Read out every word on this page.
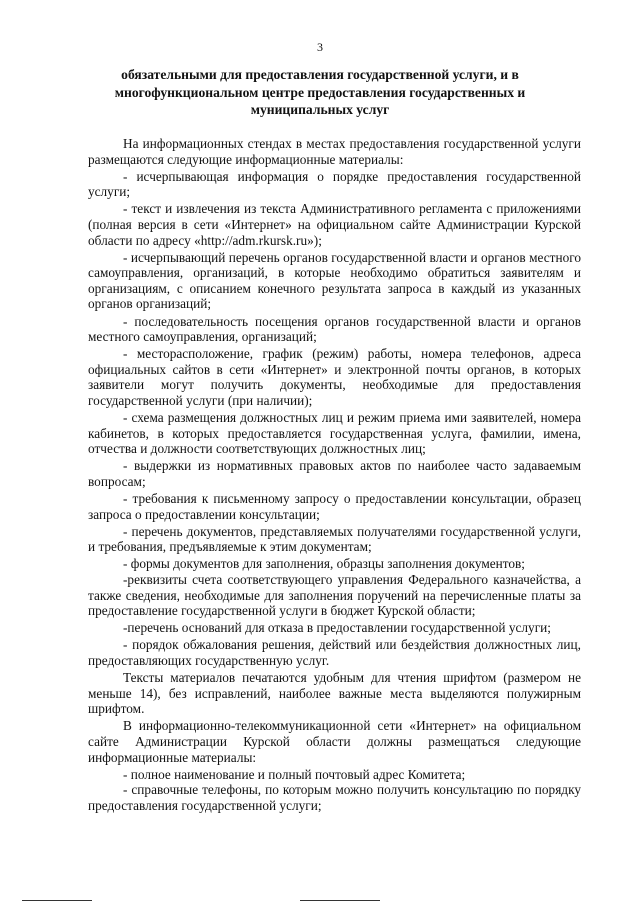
3
обязательными для предоставления государственной услуги, и в многофункциональном центре предоставления государственных и муниципальных услуг

На информационных стендах в местах предоставления государственной услуги размещаются следующие информационные материалы:

- исчерпывающая информация о порядке предоставления государственной услуги;

- текст и извлечения из текста Административного регламента с приложениями (полная версия в сети «Интернет» на официальном сайте Администрации Курской области по адресу «http://adm.rkursk.ru»);

- исчерпывающий перечень органов государственной власти и органов местного самоуправления, организаций, в которые необходимо обратиться заявителям и организациям, с описанием конечного результата запроса в каждый из указанных органов организаций;

- последовательность посещения органов государственной власти и органов местного самоуправления, организаций;

- месторасположение, график (режим) работы, номера телефонов, адреса официальных сайтов в сети «Интернет» и электронной почты органов, в которых заявители могут получить документы, необходимые для предоставления государственной услуги (при наличии);

- схема размещения должностных лиц и режим приема ими заявителей, номера кабинетов, в которых предоставляется государственная услуга, фамилии, имена, отчества и должности соответствующих должностных лиц;

- выдержки из нормативных правовых актов по наиболее часто задаваемым вопросам;

- требования к письменному запросу о предоставлении консультации, образец запроса о предоставлении консультации;

- перечень документов, представляемых получателями государственной услуги, и требования, предъявляемые к этим документам;

- формы документов для заполнения, образцы заполнения документов;

-реквизиты счета соответствующего управления Федерального казначейства, а также сведения, необходимые для заполнения поручений на перечисленные платы за предоставление государственной услуги в бюджет Курской области;

-перечень оснований для отказа в предоставлении государственной услуги;

- порядок обжалования решения, действий или бездействия должностных лиц, предоставляющих государственную услуг.

Тексты материалов печатаются удобным для чтения шрифтом (размером не меньше 14), без исправлений, наиболее важные места выделяются полужирным шрифтом.

В информационно-телекоммуникационной сети «Интернет» на официальном сайте Администрации Курской области должны размещаться следующие информационные материалы:

- полное наименование и полный почтовый адрес Комитета;

- справочные телефоны, по которым можно получить консультацию по порядку предоставления государственной услуги;
